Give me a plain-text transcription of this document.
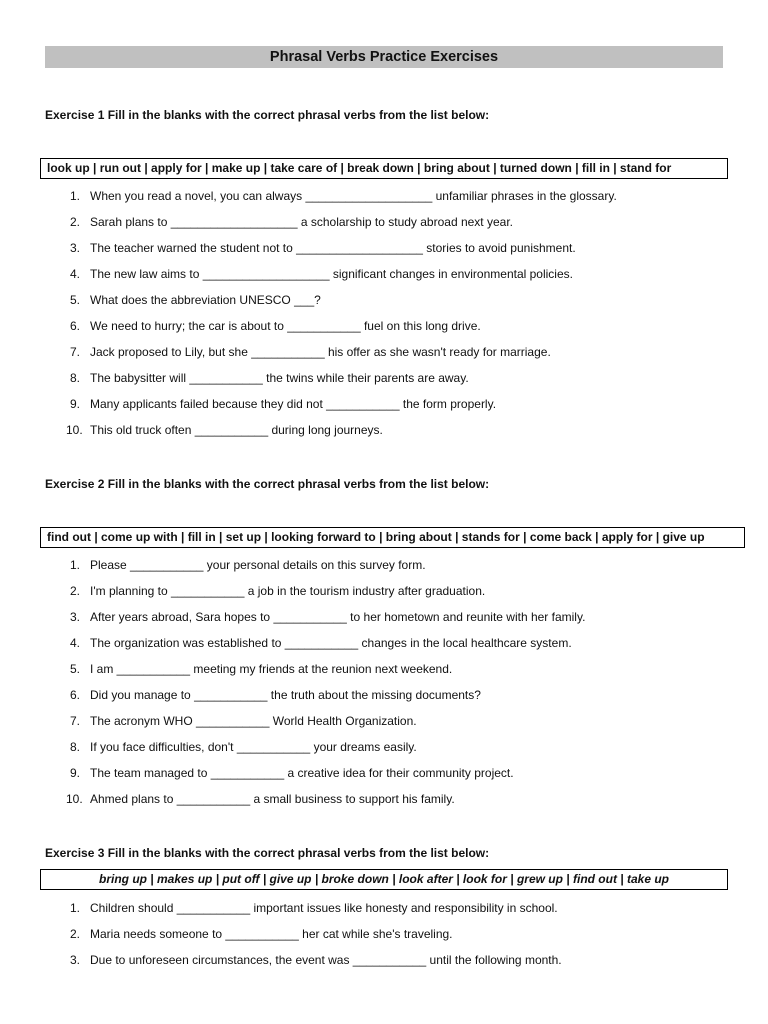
Phrasal Verbs Practice Exercises
Exercise 1 Fill in the blanks with the correct phrasal verbs from the list below:
look up | run out | apply for | make up | take care of | break down | bring about | turned down | fill in | stand for
1. When you read a novel, you can always ___________________ unfamiliar phrases in the glossary.
2. Sarah plans to ___________________ a scholarship to study abroad next year.
3. The teacher warned the student not to ___________________ stories to avoid punishment.
4. The new law aims to ___________________ significant changes in environmental policies.
5. What does the abbreviation UNESCO ___?
6. We need to hurry; the car is about to ___________ fuel on this long drive.
7. Jack proposed to Lily, but she ___________ his offer as she wasn't ready for marriage.
8. The babysitter will ___________ the twins while their parents are away.
9. Many applicants failed because they did not ___________ the form properly.
10. This old truck often ___________ during long journeys.
Exercise 2 Fill in the blanks with the correct phrasal verbs from the list below:
find out | come up with | fill in | set up | looking forward to | bring about | stands for | come back | apply for | give up
1. Please ___________ your personal details on this survey form.
2. I'm planning to ___________ a job in the tourism industry after graduation.
3. After years abroad, Sara hopes to ___________ to her hometown and reunite with her family.
4. The organization was established to ___________ changes in the local healthcare system.
5. I am ___________ meeting my friends at the reunion next weekend.
6. Did you manage to ___________ the truth about the missing documents?
7. The acronym WHO ___________ World Health Organization.
8. If you face difficulties, don't ___________ your dreams easily.
9. The team managed to ___________ a creative idea for their community project.
10. Ahmed plans to ___________ a small business to support his family.
Exercise 3 Fill in the blanks with the correct phrasal verbs from the list below:
bring up | makes up | put off | give up | broke down | look after | look for | grew up | find out | take up
1. Children should ___________ important issues like honesty and responsibility in school.
2. Maria needs someone to ___________ her cat while she's traveling.
3. Due to unforeseen circumstances, the event was ___________ until the following month.
